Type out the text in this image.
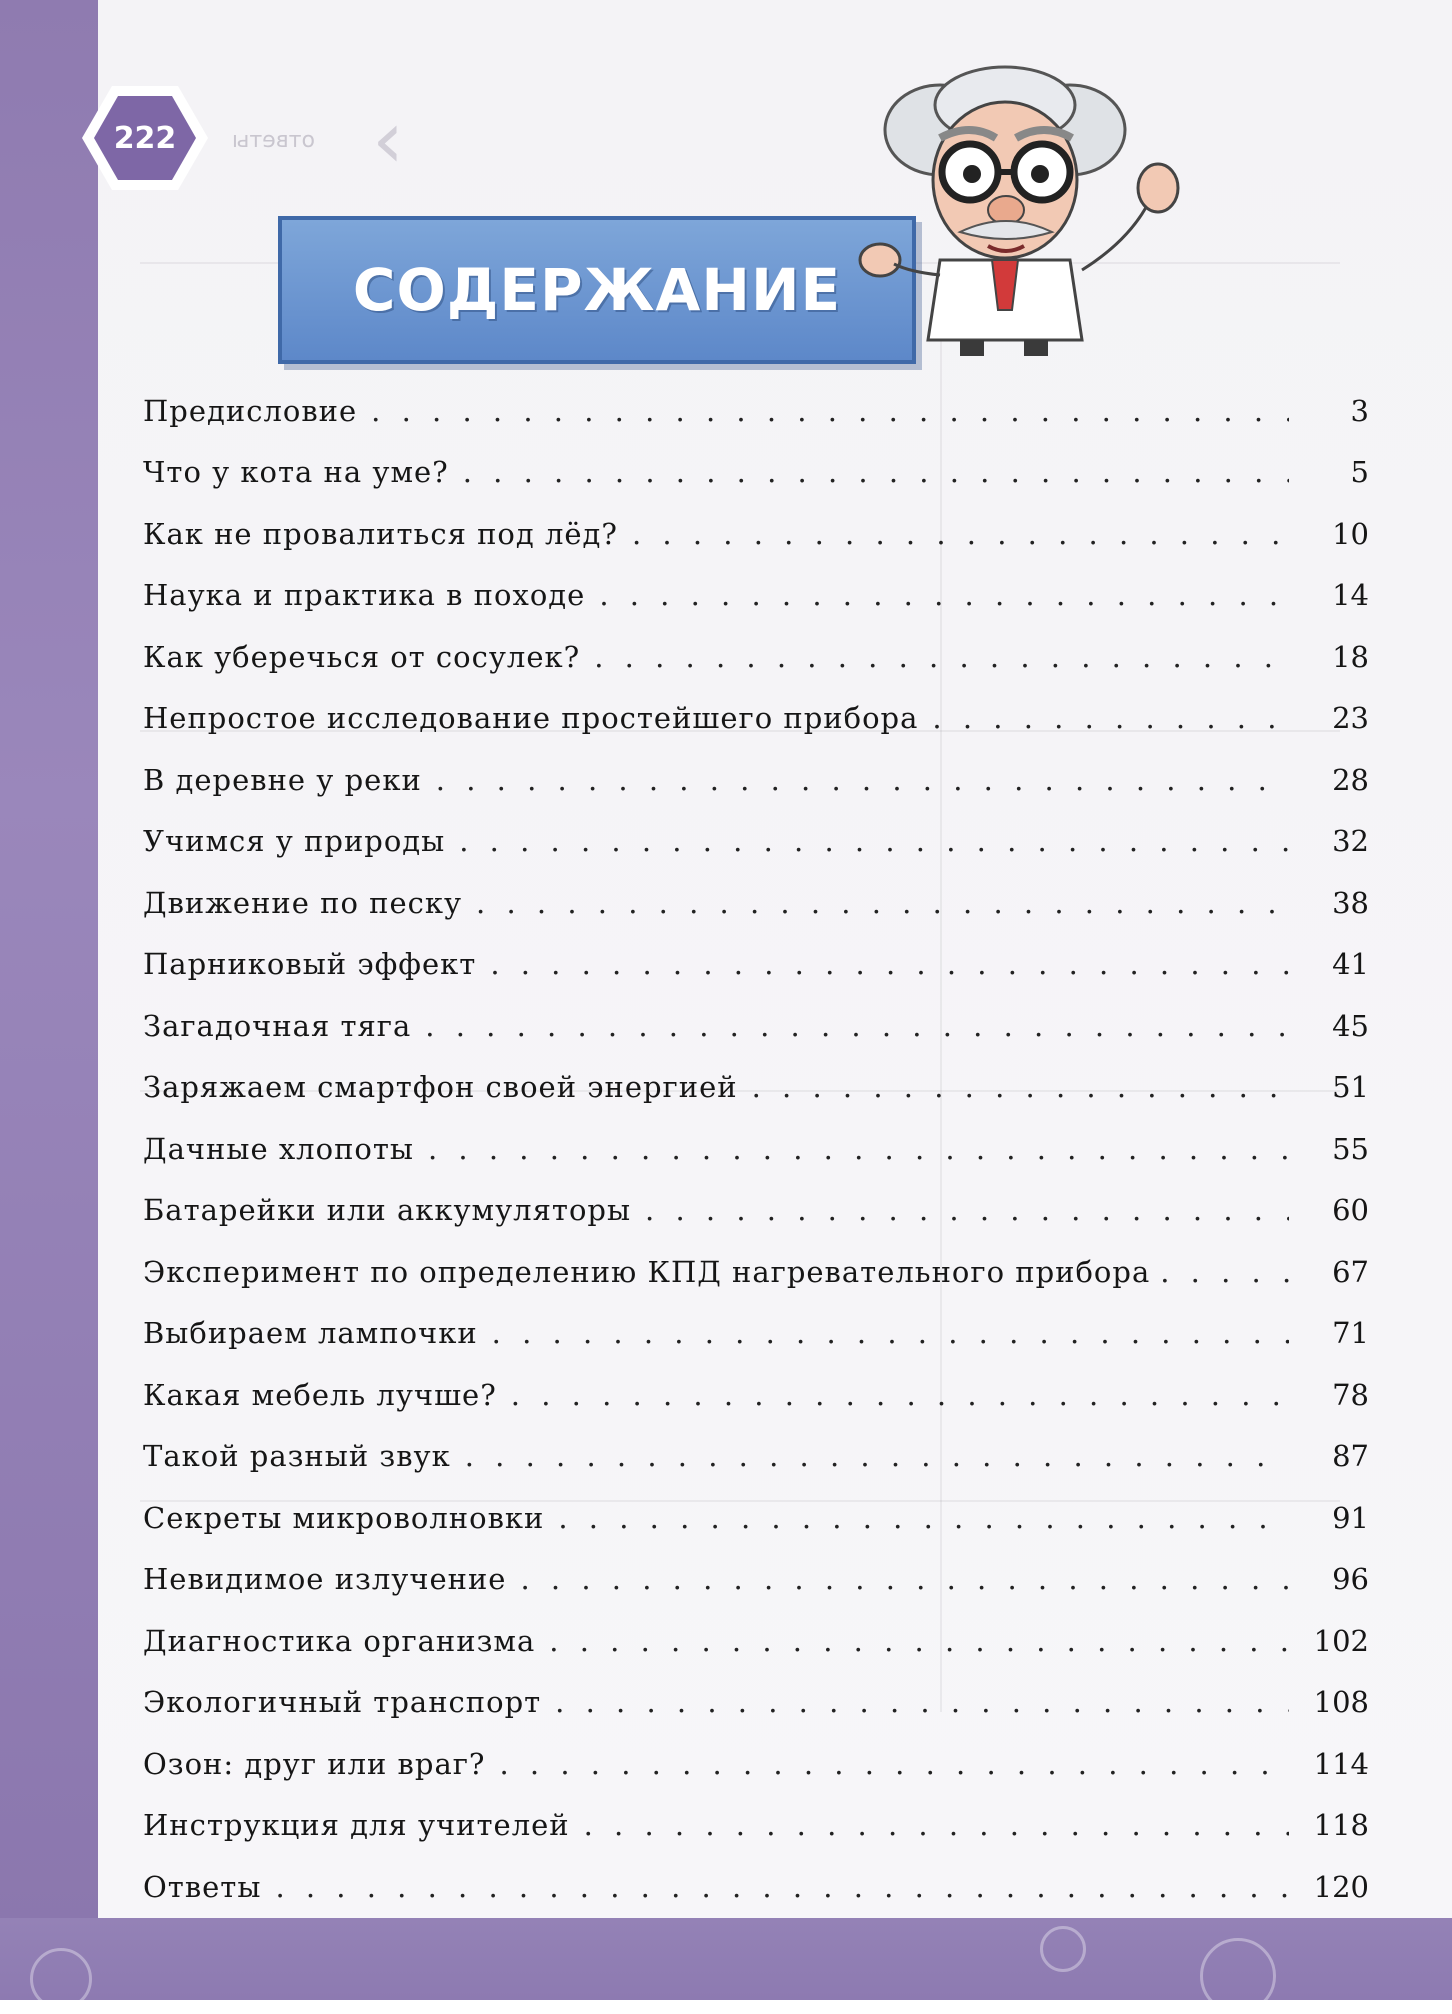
222	ответы ‹
СОДЕРЖАНИЕ
Предисловие . . .	3
Что у кота на уме? . . .	5
Как не провалиться под лёд? . . .	10
Наука и практика в походе . . .	14
Как уберечься от сосулек? . . .	18
Непростое исследование простейшего прибора . . .	23
В деревне у реки . . .	28
Учимся у природы . . .	32
Движение по песку . . .	38
Парниковый эффект . . .	41
Загадочная тяга . . .	45
Заряжаем смартфон своей энергией . . .	51
Дачные хлопоты . . .	55
Батарейки или аккумуляторы . . .	60
Эксперимент по определению КПД нагревательного прибора . . .	67
Выбираем лампочки . . .	71
Какая мебель лучше? . . .	78
Такой разный звук . . .	87
Секреты микроволновки . . .	91
Невидимое излучение . . .	96
Диагностика организма . . .	102
Экологичный транспорт . . .	108
Озон: друг или враг? . . .	114
Инструкция для учителей . . .	118
Ответы . . .	120
